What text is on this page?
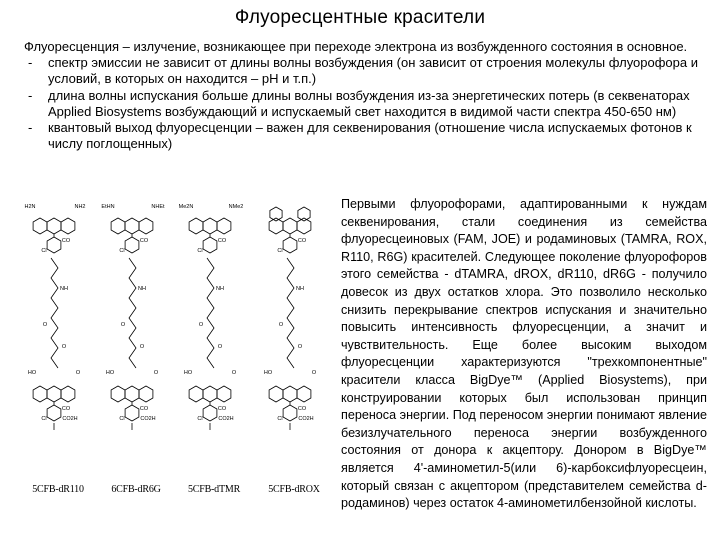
Флуоресцентные красители

Флуоресценция – излучение, возникающее при переходе электрона из возбужденного состояния в основное.

- спектр эмиссии не зависит от длины волны возбуждения (он зависит от строения молекулы флуорофора и условий, в которых он находится – pH и т.п.)
- длина волны испускания больше длины волны возбуждения из-за энергетических потерь (в секвенаторах Applied Biosystems возбуждающий и испускаемый свет находится в видимой части спектра 450-650 нм)
- квантовый выход флуоресценции – важен для секвенирования (отношение числа испускаемых фотонов к числу поглощенных)
CO
Cl
H2N	NH2
NH
O
O
CO
Cl
HO	O
CO2H
5CFB-dR110
CO
Cl
EtHN	NHEt
NH
O
O
CO
Cl
HO	O
CO2H
6CFB-dR6G
CO
Cl
Me2N	NMe2
NH
O
O
CO
Cl
HO	O
CO2H
5CFB-dTMR
CO
Cl
NH
O
O
CO
Cl
HO	O
CO2H
5CFB-dROX

Первыми флуорофорами, адаптированными к нуждам секвенирования, стали соединения из семейства флуоресцеиновых (FAM, JOE) и родаминовых (TAMRA, ROX, R110, R6G) красителей. Следующее поколение флуорофоров этого семейства - dTAMRA, dROX, dR110, dR6G - получило довесок из двух остатков хлора. Это позволило несколько снизить перекрывание спектров испускания и значительно повысить интенсивность флуоресценции, а значит и чувствительность. Еще более высоким выходом флуоресценции характеризуются "трехкомпонентные" красители класса BigDye™ (Applied Biosystems), при конструировании которых был использован принцип переноса энергии. Под переносом энергии понимают явление безизлучательного переноса энергии возбужденного состояния от донора к акцептору. Донором в BigDye™ является 4'-аминометил-5(или 6)-карбоксифлуоресцеин, который связан с акцептором (представителем семейства d-родаминов) через остаток 4-аминометилбензойной кислоты.
